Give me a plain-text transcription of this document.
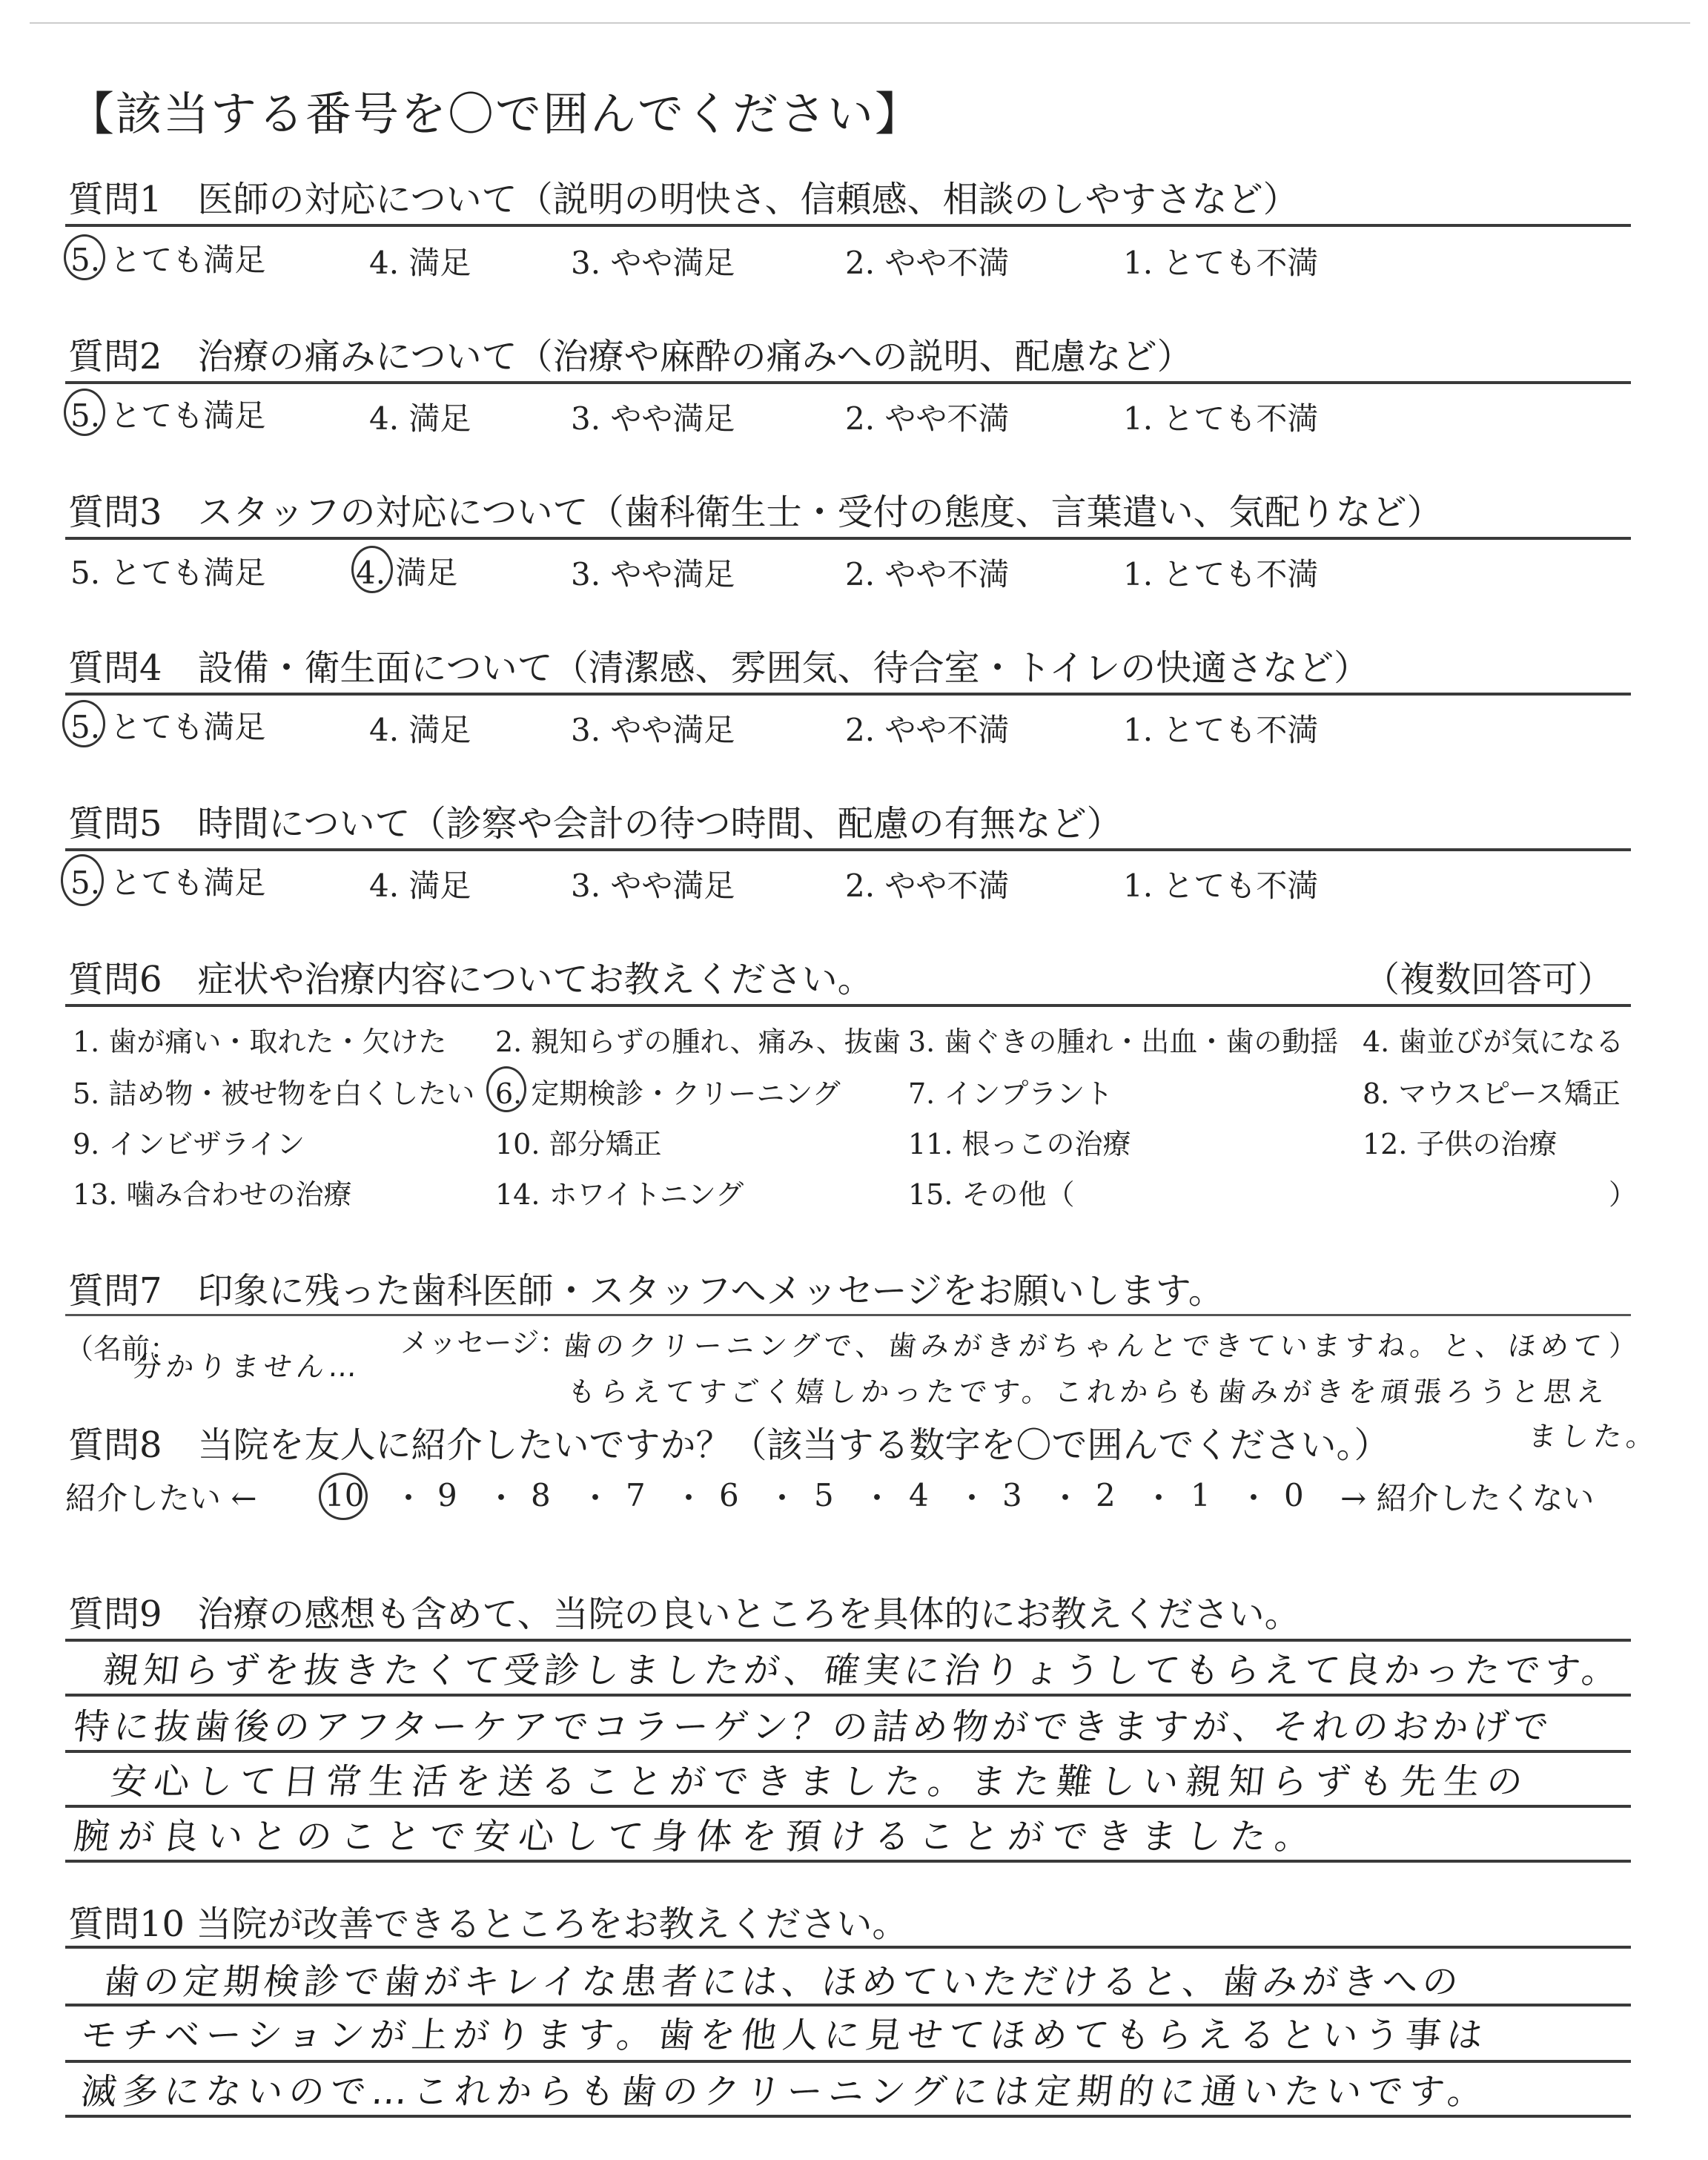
【該当する番号を〇で囲んでください】
質問1　医師の対応について（説明の明快さ、信頼感、相談のしやすさなど）
5. とても満足	4. 満足	3. やや満足	2. やや不満	1. とても不満
質問2　治療の痛みについて（治療や麻酔の痛みへの説明、配慮など）
5. とても満足	4. 満足	3. やや満足	2. やや不満	1. とても不満
質問3　スタッフの対応について（歯科衛生士・受付の態度、言葉遣い、気配りなど）
5. とても満足	4. 満足	3. やや満足	2. やや不満	1. とても不満
質問4　設備・衛生面について（清潔感、雰囲気、待合室・トイレの快適さなど）
5. とても満足	4. 満足	3. やや満足	2. やや不満	1. とても不満
質問5　時間について（診察や会計の待つ時間、配慮の有無など）
5. とても満足	4. 満足	3. やや満足	2. やや不満	1. とても不満
質問6　症状や治療内容についてお教えください。	（複数回答可）
1. 歯が痛い・取れた・欠けた 2. 親知らずの腫れ、痛み、抜歯 3. 歯ぐきの腫れ・出血・歯の動揺 4. 歯並びが気になる
5. 詰め物・被せ物を白くしたい 6. 定期検診・クリーニング 7. インプラント	8. マウスピース矯正
9. インビザライン	10. 部分矯正	11. 根っこの治療	12. 子供の治療
13. 噛み合わせの治療	14. ホワイトニング	15. その他（	）
質問7　印象に残った歯科医師・スタッフへメッセージをお願いします。
（名前：
分かりません…
メッセージ：
歯のクリーニングで、歯みがきがちゃんとできていますね。と、ほめて
もらえてすごく嬉しかったです。これからも歯みがきを頑張ろうと思え
ました。
）
質問8　当院を友人に紹介したいですか？（該当する数字を〇で囲んでください。）
紹介したい ← 10 ・ 9 ・ 8 ・ 7 ・ 6 ・ 5 ・ 4 ・ 3 ・ 2 ・ 1 ・ 0 → 紹介したくない
質問9　治療の感想も含めて、当院の良いところを具体的にお教えください。
親知らずを抜きたくて受診しましたが、確実に治りょうしてもらえて良かったです。
特に抜歯後のアフターケアでコラーゲン？の詰め物ができますが、それのおかげで
安心して日常生活を送ることができました。また難しい親知らずも先生の
腕が良いとのことで安心して身体を預けることができました。
質問10 当院が改善できるところをお教えください。
歯の定期検診で歯がキレイな患者には、ほめていただけると、歯みがきへの
モチベーションが上がります。歯を他人に見せてほめてもらえるという事は
滅多にないので…これからも歯のクリーニングには定期的に通いたいです。
